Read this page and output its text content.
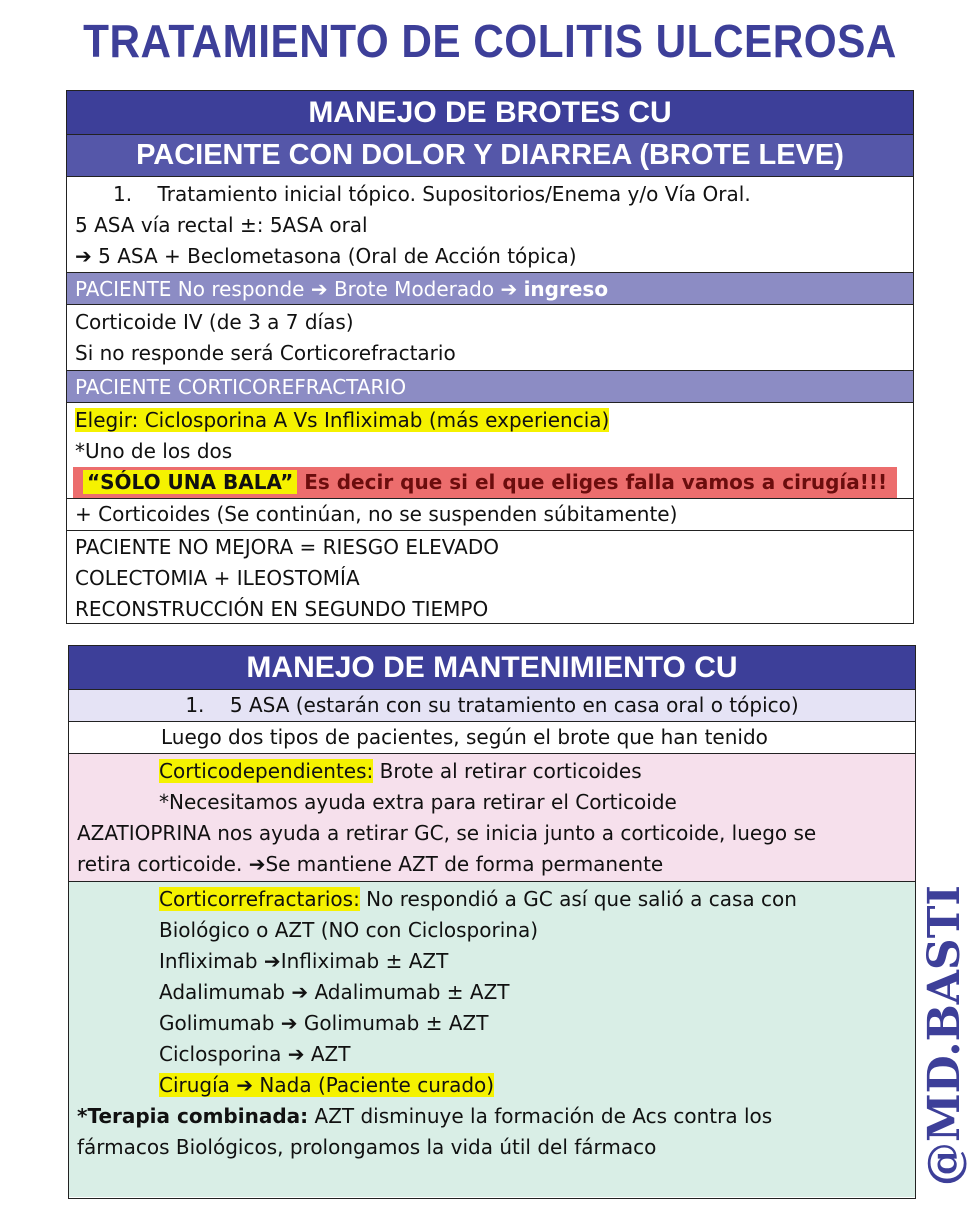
TRATAMIENTO DE COLITIS ULCEROSA
MANEJO DE BROTES CU
PACIENTE CON DOLOR Y DIARREA (BROTE LEVE)
1. Tratamiento inicial tópico. Supositorios/Enema y/o Vía Oral.
5 ASA vía rectal ±: 5ASA oral
➔ 5 ASA + Beclometasona (Oral de Acción tópica)
PACIENTE No responde
➔
Brote Moderado
➔
ingreso
Corticoide IV (de 3 a 7 días)
Si no responde será Corticorefractario
PACIENTE CORTICOREFRACTARIO
Elegir: Ciclosporina A Vs Infliximab (más experiencia)
*Uno de los dos
“SÓLO UNA BALA” Es decir que si el que eliges falla vamos a cirugía!!!
+ Corticoides (Se continúan, no se suspenden súbitamente)
PACIENTE NO MEJORA = RIESGO ELEVADO
COLECTOMIA + ILEOSTOMÍA
RECONSTRUCCIÓN EN SEGUNDO TIEMPO
MANEJO DE MANTENIMIENTO CU
1. 5 ASA (estarán con su tratamiento en casa oral o tópico)
Luego dos tipos de pacientes, según el brote que han tenido
Corticodependientes: Brote al retirar corticoides
*Necesitamos ayuda extra para retirar el Corticoide
AZATIOPRINA nos ayuda a retirar GC, se inicia junto a corticoide, luego se
retira corticoide. ➔Se mantiene AZT de forma permanente
Corticorrefractarios: No respondió a GC así que salió a casa con
Biológico o AZT (NO con Ciclosporina)
Infliximab ➔Infliximab ± AZT
Adalimumab ➔ Adalimumab ± AZT
Golimumab ➔ Golimumab ± AZT
Ciclosporina ➔ AZT
Cirugía ➔ Nada (Paciente curado)
*Terapia combinada: AZT disminuye la formación de Acs contra los
fármacos Biológicos, prolongamos la vida útil del fármaco	@MD.BASTI
